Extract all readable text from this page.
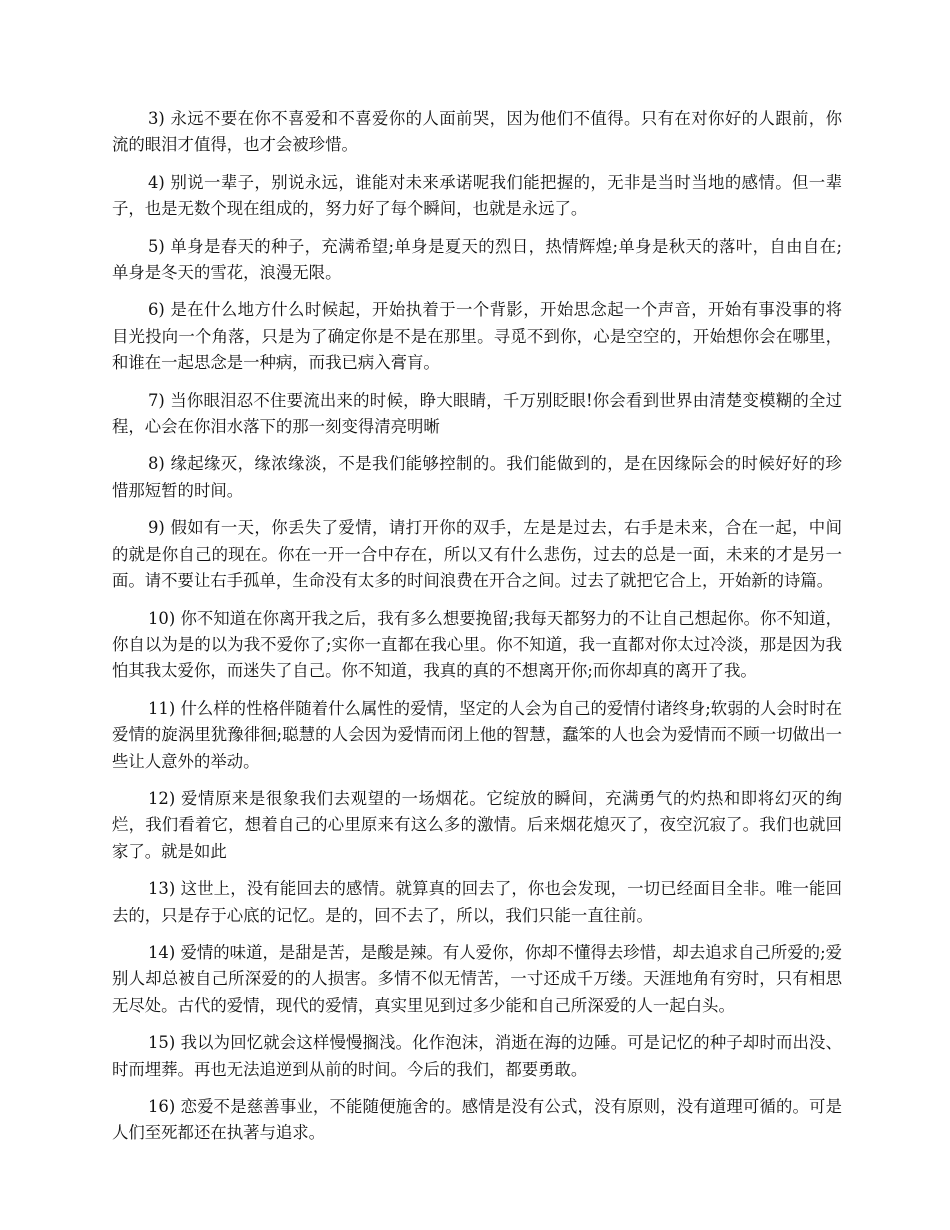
3) 永远不要在你不喜爱和不喜爱你的人面前哭，因为他们不值得。只有在对你好的人跟前，你流的眼泪才值得，也才会被珍惜。

4) 别说一辈子，别说永远，谁能对未来承诺呢我们能把握的，无非是当时当地的感情。但一辈子，也是无数个现在组成的，努力好了每个瞬间，也就是永远了。

5) 单身是春天的种子，充满希望;单身是夏天的烈日，热情辉煌;单身是秋天的落叶，自由自在;单身是冬天的雪花，浪漫无限。

6) 是在什么地方什么时候起，开始执着于一个背影，开始思念起一个声音，开始有事没事的将目光投向一个角落，只是为了确定你是不是在那里。寻觅不到你，心是空空的，开始想你会在哪里，和谁在一起思念是一种病，而我已病入膏肓。

7) 当你眼泪忍不住要流出来的时候，睁大眼睛，千万别眨眼!你会看到世界由清楚变模糊的全过程，心会在你泪水落下的那一刻变得清亮明晰

8) 缘起缘灭，缘浓缘淡，不是我们能够控制的。我们能做到的，是在因缘际会的时候好好的珍惜那短暂的时间。

9) 假如有一天，你丢失了爱情，请打开你的双手，左是是过去，右手是未来，合在一起，中间的就是你自己的现在。你在一开一合中存在，所以又有什么悲伤，过去的总是一面，未来的才是另一面。请不要让右手孤单，生命没有太多的时间浪费在开合之间。过去了就把它合上，开始新的诗篇。

10) 你不知道在你离开我之后，我有多么想要挽留;我每天都努力的不让自己想起你。你不知道，你自以为是的以为我不爱你了;实你一直都在我心里。你不知道，我一直都对你太过冷淡，那是因为我怕其我太爱你，而迷失了自己。你不知道，我真的真的不想离开你;而你却真的离开了我。

11) 什么样的性格伴随着什么属性的爱情，坚定的人会为自己的爱情付诸终身;软弱的人会时时在爱情的旋涡里犹豫徘徊;聪慧的人会因为爱情而闭上他的智慧，蠢笨的人也会为爱情而不顾一切做出一些让人意外的举动。

12) 爱情原来是很象我们去观望的一场烟花。它绽放的瞬间，充满勇气的灼热和即将幻灭的绚烂，我们看着它，想着自己的心里原来有这么多的激情。后来烟花熄灭了，夜空沉寂了。我们也就回家了。就是如此

13) 这世上，没有能回去的感情。就算真的回去了，你也会发现，一切已经面目全非。唯一能回去的，只是存于心底的记忆。是的，回不去了，所以，我们只能一直往前。

14) 爱情的味道，是甜是苦，是酸是辣。有人爱你，你却不懂得去珍惜，却去追求自己所爱的;爱别人却总被自己所深爱的的人损害。多情不似无情苦，一寸还成千万缕。天涯地角有穷时，只有相思无尽处。古代的爱情，现代的爱情，真实里见到过多少能和自己所深爱的人一起白头。

15) 我以为回忆就会这样慢慢搁浅。化作泡沫，消逝在海的边陲。可是记忆的种子却时而出没、时而埋葬。再也无法追逆到从前的时间。今后的我们，都要勇敢。

16) 恋爱不是慈善事业，不能随便施舍的。感情是没有公式，没有原则，没有道理可循的。可是人们至死都还在执著与追求。
